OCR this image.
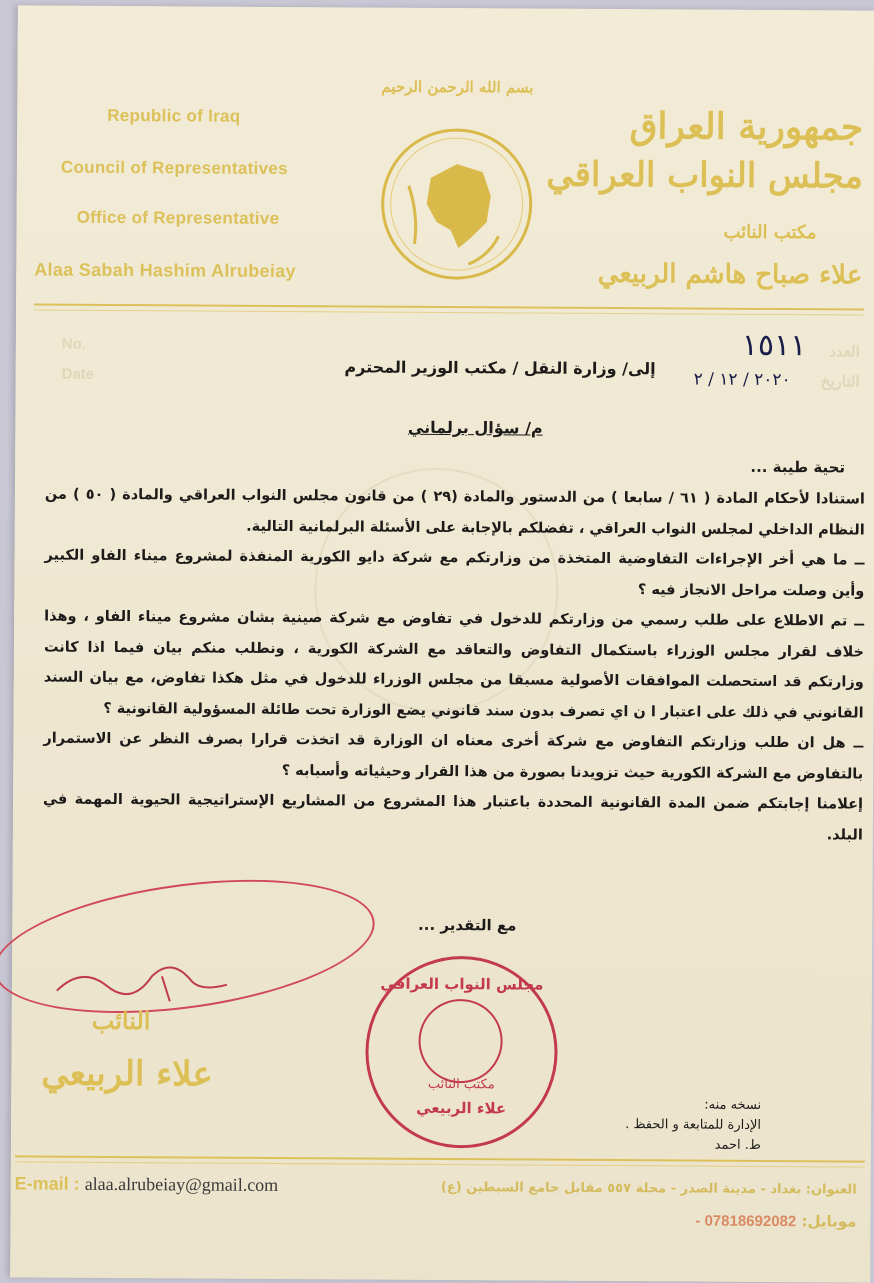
بسم الله الرحمن الرحيم
Republic of Iraq
Council of Representatives
Office of Representative
Alaa Sabah Hashim Alrubeiay
جمهورية العراق
مجلس النواب العراقي
مكتب النائب
علاء صباح هاشم الربيعي
No.
Date
العدد
التاريخ
١٥١١
٢٠٢٠ / ١٢ / ٢
إلى/ وزارة النقل / مكتب الوزير المحترم
م/ سؤال برلماني
تحية طيبة ...

استنادا لأحكام المادة ( ٦١ / سابعا ) من الدستور والمادة (٢٩ ) من قانون مجلس النواب العراقي والمادة ( ٥٠ ) من النظام الداخلي لمجلس النواب العراقي ، تفضلكم بالإجابة على الأسئلة البرلمانية التالية.

ــ ما هي أخر الإجراءات التفاوضية المتخذة من وزارتكم مع شركة دايو الكورية المنفذة لمشروع ميناء الفاو الكبير وأين وصلت مراحل الانجاز فيه ؟

ــ تم الاطلاع على طلب رسمي من وزارتكم للدخول في تفاوض مع شركة صينية بشان مشروع ميناء الفاو ، وهذا خلاف لقرار مجلس الوزراء باستكمال التفاوض والتعاقد مع الشركة الكورية ، ونطلب منكم بيان فيما اذا كانت وزارتكم قد استحصلت الموافقات الأصولية مسبقا من مجلس الوزراء للدخول في مثل هكذا تفاوض، مع بيان السند القانوني في ذلك على اعتبار ا ن اي تصرف بدون سند قانوني يضع الوزارة تحت طائلة المسؤولية القانونية ؟

ــ هل ان طلب وزارتكم التفاوض مع شركة أخرى معناه ان الوزارة قد اتخذت قرارا بصرف النظر عن الاستمرار بالتفاوض مع الشركة الكورية حيث تزويدنا بصورة من هذا القرار وحيثياته وأسبابه ؟

إعلامنا إجابتكم ضمن المدة القانونية المحددة باعتبار هذا المشروع من المشاريع الإستراتيجية الحيوية المهمة في البلد.

مع التقدير ...
النائب
علاء الربيعي
مجلس النواب العراقي
مكتب النائب
علاء الربيعي	نسخه منه:
الإدارة للمتابعة و الحفظ .
ط. احمد
E-mail : alaa.alrubeiay@gmail.com	العنوان: بغداد - مدينة الصدر - محلة ٥٥٧ مقابل جامع السبطين (ع)
موبايل: 07818692082 -
